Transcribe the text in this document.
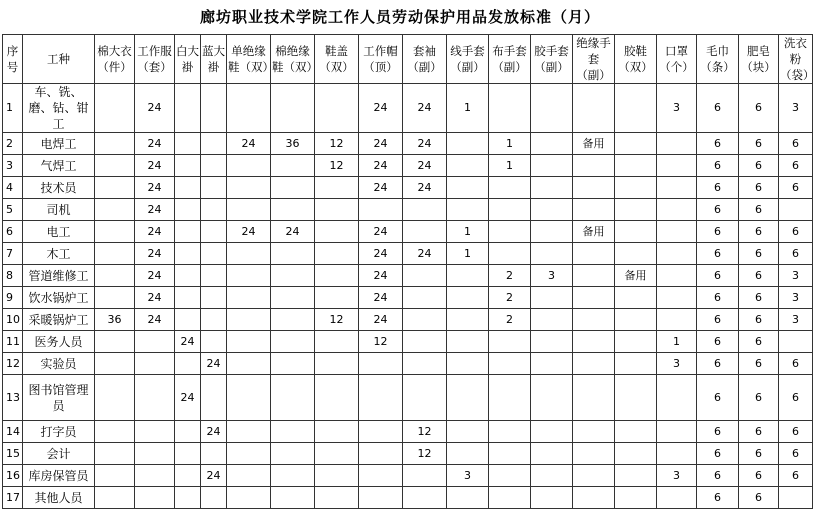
廊坊职业技术学院工作人员劳动保护用品发放标准（月）
序号	工种	棉大衣（件）	工作服（套）	白大褂	蓝大褂	单绝缘鞋（双）	棉绝缘鞋（双）	鞋盖（双）	工作帽（顶）	套袖（副）	线手套（副）	布手套（副）	胶手套（副）	绝缘手套（副）	胶鞋（双）	口罩（个）	毛巾（条）	肥皂（块）	洗衣粉（袋）
1	车、铣、磨、钻、钳工		24						24	24	1					3	6	6	3
2	电焊工		24			24	36	12	24	24		1		备用			6	6	6
3	气焊工		24					12	24	24		1					6	6	6
4	技术员		24						24	24							6	6	6
5	司机		24														6	6	
6	电工		24			24	24		24		1			备用			6	6	6
7	木工		24						24	24	1						6	6	6
8	管道维修工		24						24			2	3		备用		6	6	3
9	饮水锅炉工		24						24			2					6	6	3
10	采暖锅炉工	36	24					12	24			2					6	6	3
11	医务人员			24					12							1	6	6	
12	实验员				24											3	6	6	6
13	图书馆管理员			24													6	6	6
14	打字员				24					12							6	6	6
15	会计									12							6	6	6
16	库房保管员				24						3					3	6	6	6
17	其他人员																6	6	
